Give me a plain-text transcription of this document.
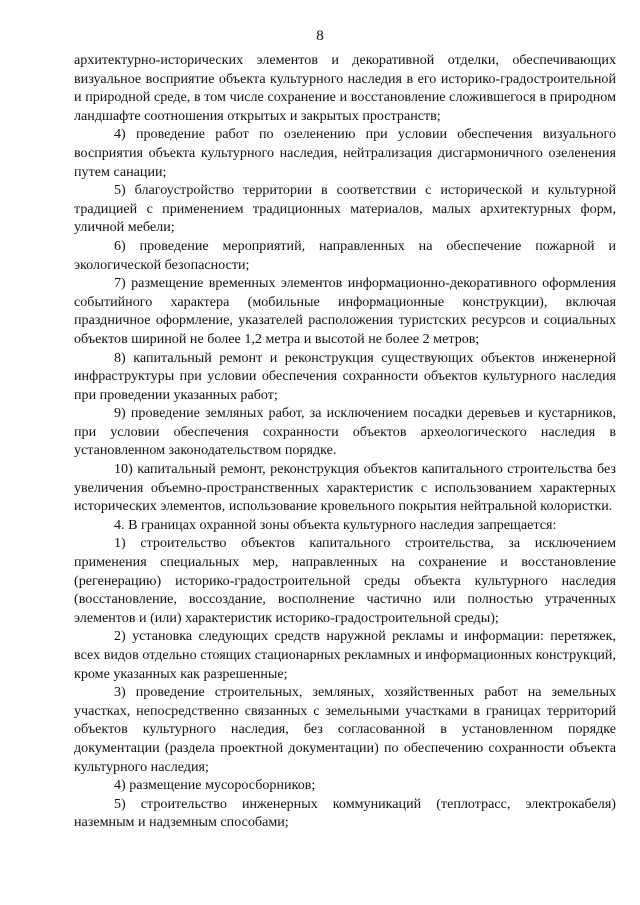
8

архитектурно-исторических элементов и декоративной отделки, обеспечивающих визуальное восприятие объекта культурного наследия в его историко-градостроительной и природной среде, в том числе сохранение и восстановление сложившегося в природном ландшафте соотношения открытых и закрытых пространств;

4) проведение работ по озеленению при условии обеспечения визуального восприятия объекта культурного наследия, нейтрализация дисгармоничного озеленения путем санации;

5) благоустройство территории в соответствии с исторической и культурной традицией с применением традиционных материалов, малых архитектурных форм, уличной мебели;

6) проведение мероприятий, направленных на обеспечение пожарной и экологической безопасности;

7) размещение временных элементов информационно-декоративного оформления событийного характера (мобильные информационные конструкции), включая праздничное оформление, указателей расположения туристских ресурсов и социальных объектов шириной не более 1,2 метра и высотой не более 2 метров;

8) капитальный ремонт и реконструкция существующих объектов инженерной инфраструктуры при условии обеспечения сохранности объектов культурного наследия при проведении указанных работ;

9) проведение земляных работ, за исключением посадки деревьев и кустарников, при условии обеспечения сохранности объектов археологического наследия в установленном законодательством порядке.

10) капитальный ремонт, реконструкция объектов капитального строительства без увеличения объемно-пространственных характеристик с использованием характерных исторических элементов, использование кровельного покрытия нейтральной колористки.

4. В границах охранной зоны объекта культурного наследия запрещается:

1) строительство объектов капитального строительства, за исключением применения специальных мер, направленных на сохранение и восстановление (регенерацию) историко-градостроительной среды объекта культурного наследия (восстановление, воссоздание, восполнение частично или полностью утраченных элементов и (или) характеристик историко-градостроительной среды);

2) установка следующих средств наружной рекламы и информации: перетяжек, всех видов отдельно стоящих стационарных рекламных и информационных конструкций, кроме указанных как разрешенные;

3) проведение строительных, земляных, хозяйственных работ на земельных участках, непосредственно связанных с земельными участками в границах территорий объектов культурного наследия, без согласованной в установленном порядке документации (раздела проектной документации) по обеспечению сохранности объекта культурного наследия;

4) размещение мусоросборников;

5) строительство инженерных коммуникаций (теплотрасс, электрокабеля) наземным и надземным способами;
